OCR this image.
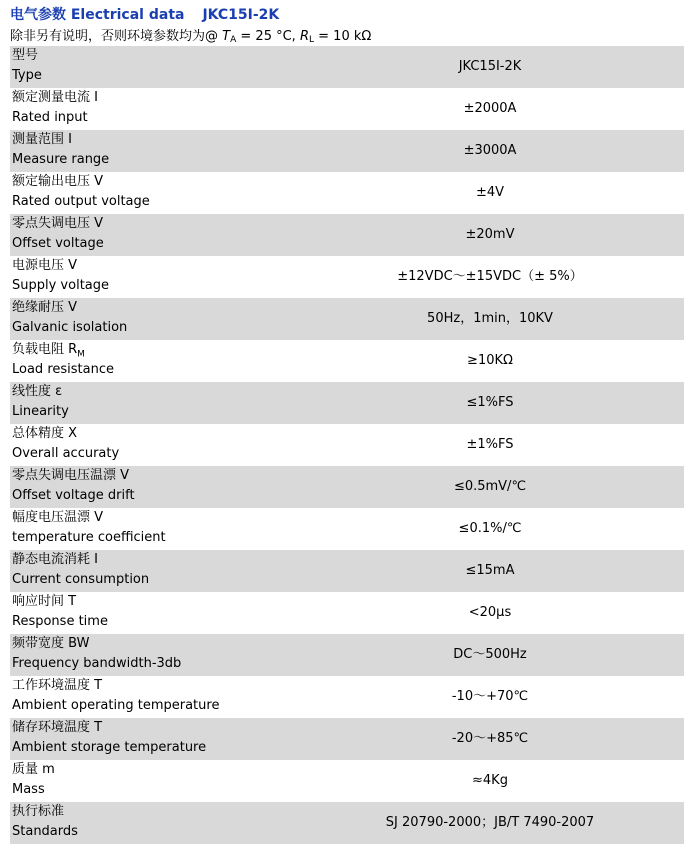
电气参数 Electrical data JKC15I-2K
除非另有说明，否则环境参数均为@ $T_A = 25$ °C, $R_L = 10$ kΩ
型号
Type
JKC15I-2K
额定测量电流 I
Rated input
±2000A
测量范围 I
Measure range
±3000A
额定输出电压 V
Rated output voltage
±4V
零点失调电压 V
Offset voltage
±20mV
电源电压 V
Supply voltage
±12VDC～±15VDC（± 5%）
绝缘耐压 V
Galvanic isolation
50Hz，1min，10KV
负载电阻 $R_M$
Load resistance
≥10KΩ
线性度 ε
Linearity
≤1%FS
总体精度 X
Overall accuraty
±1%FS
零点失调电压温漂 V
Offset voltage drift
≤0.5mV/℃
幅度电压温漂 V
temperature coefficient
≤0.1%/℃
静态电流消耗 I
Current consumption
≤15mA
响应时间 T
Response time
<20μs
频带宽度 BW
Frequency bandwidth-3db
DC～500Hz
工作环境温度 T
Ambient operating temperature
-10～+70℃
储存环境温度 T
Ambient storage temperature
-20～+85℃
质量 m
Mass
≈4Kg
执行标准
Standards
SJ 20790-2000；JB/T 7490-2007
